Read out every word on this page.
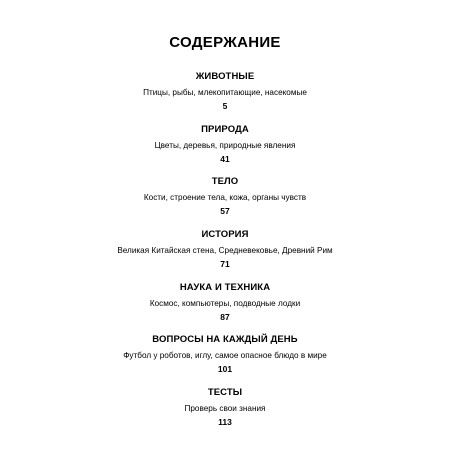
СОДЕРЖАНИЕ
ЖИВОТНЫЕ
Птицы, рыбы, млекопитающие, насекомые
5
ПРИРОДА
Цветы, деревья, природные явления
41
ТЕЛО
Кости, строение тела, кожа, органы чувств
57
ИСТОРИЯ
Великая Китайская стена, Средневековье, Древний Рим
71
НАУКА И ТЕХНИКА
Космос, компьютеры, подводные лодки
87
ВОПРОСЫ НА КАЖДЫЙ ДЕНЬ
Футбол у роботов, иглу, самое опасное блюдо в мире
101
ТЕСТЫ
Проверь свои знания
113
